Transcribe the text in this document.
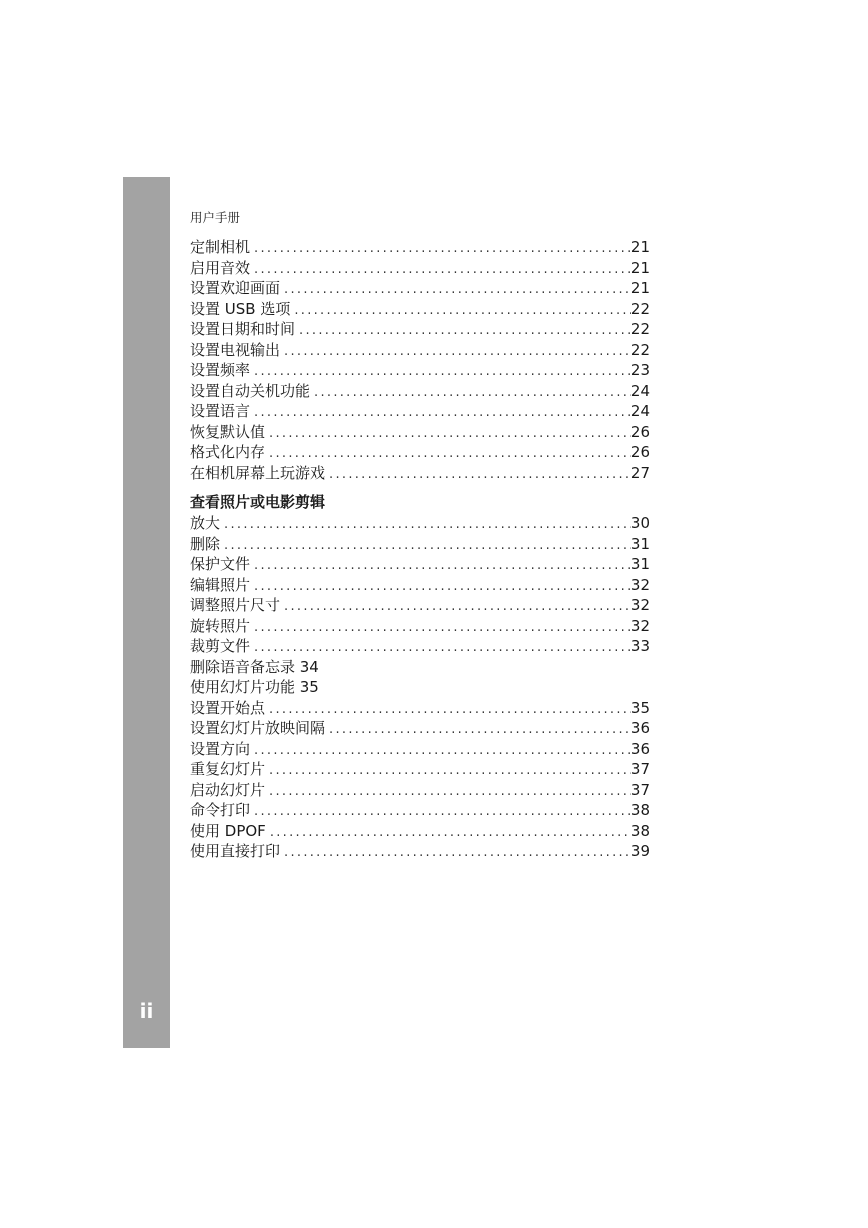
ii
用户手册
定制相机 .....	21
启用音效 .....	21
设置欢迎画面 .....	21
设置 USB 选项 .....	22
设置日期和时间 .....	22
设置电视输出 .....	22
设置频率 .....	23
设置自动关机功能 .....	24
设置语言 .....	24
恢复默认值 .....	26
格式化内存 .....	26
在相机屏幕上玩游戏 .....	27
查看照片或电影剪辑
放大 .....	30
删除 .....	31
保护文件 .....	31
编辑照片 .....	32
调整照片尺寸 .....	32
旋转照片 .....	32
裁剪文件 .....	33
删除语音备忘录 34
使用幻灯片功能 35
设置开始点 .....	35
设置幻灯片放映间隔 .....	36
设置方向 .....	36
重复幻灯片 .....	37
启动幻灯片 .....	37
命令打印 .....	38
使用 DPOF .....	38
使用直接打印 .....	39
